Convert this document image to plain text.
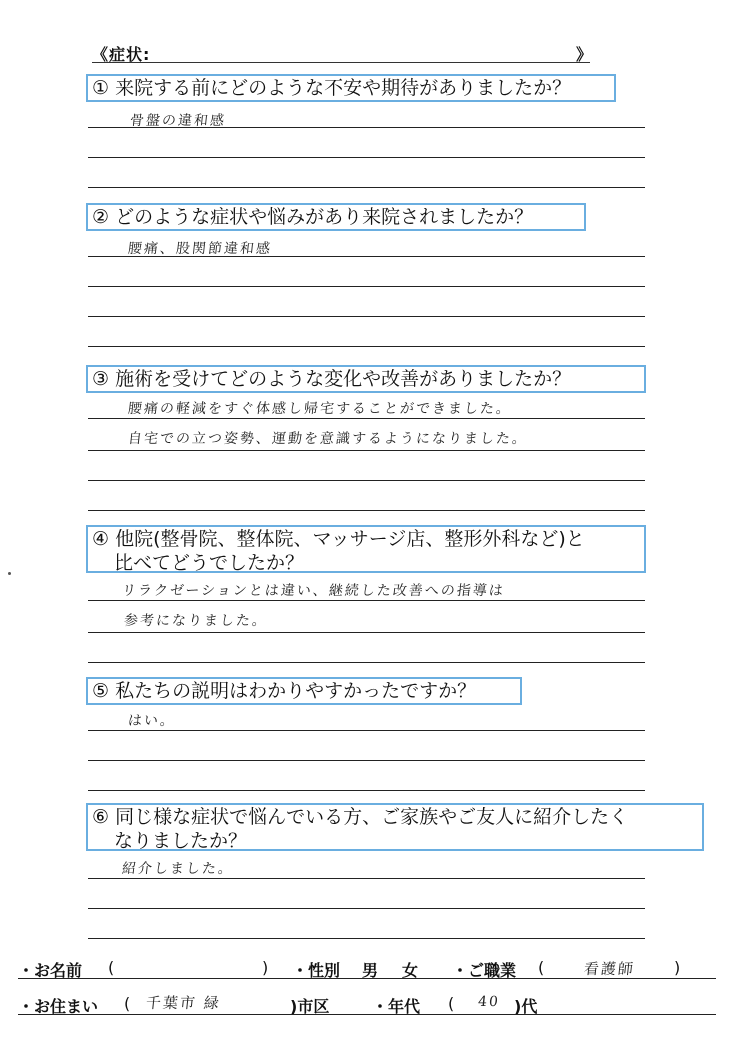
《症状:	》
① 来院する前にどのような不安や期待がありましたか？
骨盤の違和感
② どのような症状や悩みがあり来院されましたか？
腰痛、股関節違和感
③ 施術を受けてどのような変化や改善がありましたか？
腰痛の軽減をすぐ体感し帰宅することができました。
自宅での立つ姿勢、運動を意識するようになりました。
④ 他院(整骨院、整体院、マッサージ店、整形外科など)と
比べてどうでしたか？
リラクゼーションとは違い、継続した改善への指導は
参考になりました。
⑤ 私たちの説明はわかりやすかったですか？
はい。
⑥ 同じ様な症状で悩んでいる方、ご家族やご友人に紹介したく
なりましたか？
紹介しました。
・お名前 (	) ・性別 男 女 ・ご職業 (	看護師 )
・お住まい ( 千葉市 緑	)市区	・年代 ( 40 )代
